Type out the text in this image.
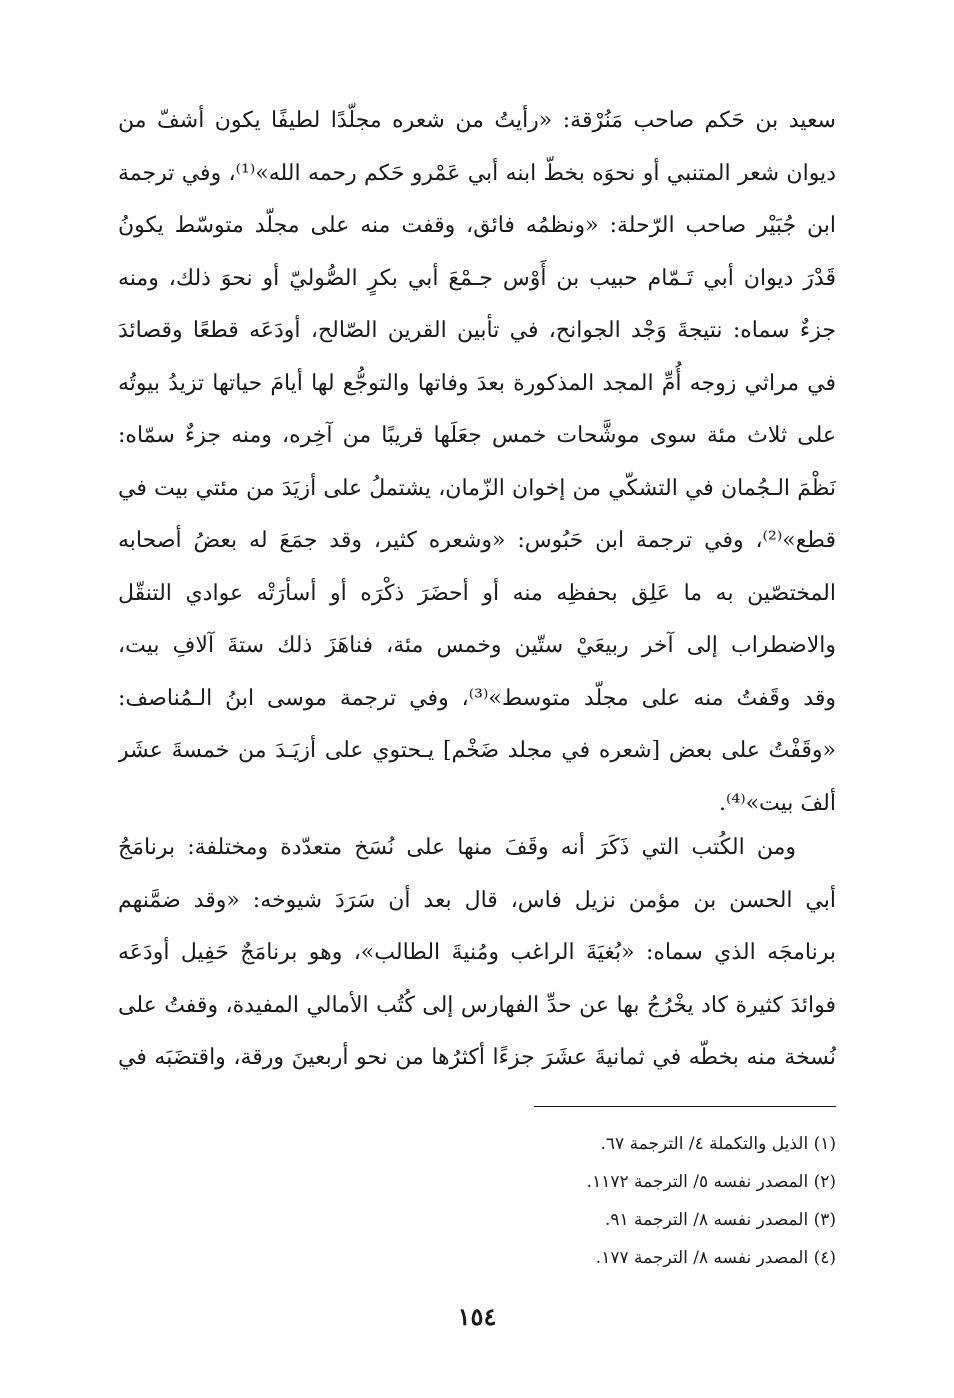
سعيد بن حَكم صاحب مَنُرْقة: «رأيتُ من شعره مجلّدًا لطيفًا يكون أشفّ من
ديوان شعر المتنبي أو نحوَه بخطّ ابنه أبي عَمْرو حَكم رحمه الله»⁽¹⁾، وفي ترجمة
ابن جُبَيْر صاحب الرّحلة: «ونظمُه فائق، وقفت منه على مجلّد متوسّط يكونُ
قَدْرَ ديوان أبي تَـمّام حبيب بن أَوْس جـمْعَ أبي بكرٍ الصُّوليّ أو نحوَ ذلك، ومنه
جزءٌ سماه: نتيجةَ وَجْد الجوانح، في تأبين القرين الصّالح، أودَعَه قطعًا وقصائدَ
في مراثي زوجه أُمِّ المجد المذكورة بعدَ وفاتها والتوجُّع لها أيامَ حياتها تزيدُ بيوتُه
على ثلاث مئة سوى موشَّحات خمس جعَلَها قريبًا من آخِره، ومنه جزءٌ سمّاه:
نَظْمَ الـجُمان في التشكّي من إخوان الزّمان، يشتملُ على أزيَدَ من مئتي بيت في
قطع»⁽²⁾، وفي ترجمة ابن حَبُوس: «وشعره كثير، وقد جمَعَ له بعضُ أصحابه
المختصّين به ما عَلِق بحفظِه منه أو أحضَرَ ذكْرَه أو أسأرَتْه عوادي التنقّل
والاضطراب إلى آخر ربيعَيْ ستّين وخمس مئة، فناهَزَ ذلك ستةَ آلافِ بيت،
وقد وقَفتُ منه على مجلّد متوسط»⁽³⁾، وفي ترجمة موسى ابنُ الـمُناصف:
«وقَفْتُ على بعض [شعره في مجلد ضَخْم] يـحتوي على أزيَـدَ من خمسةَ عشَر
ألفَ بيت»⁽⁴⁾.
ومن الكُتب التي ذَكَرَ أنه وقَفَ منها على نُسَخ متعدّدة ومختلفة: برنامَجُ
أبي الحسن بن مؤمن نزيل فاس، قال بعد أن سَرَدَ شيوخه: «وقد ضمَّنهم
برنامجَه الذي سماه: «بُغيَةَ الراغب ومُنيةَ الطالب»، وهو برنامَجٌ حَفِيل أودَعَه
فوائدَ كثيرة كاد يخْرُجُ بها عن حدِّ الفهارس إلى كُتُب الأمالي المفيدة، وقفتُ على
نُسخة منه بخطّه في ثمانيةَ عشَرَ جزءًا أكثرُها من نحو أربعينَ ورقة، واقتضَبَه في
(١) الذيل والتكملة ٤/ الترجمة ٦٧.
(٢) المصدر نفسه ٥/ الترجمة ١١٧٢.
(٣) المصدر نفسه ٨/ الترجمة ٩١.
(٤) المصدر نفسه ٨/ الترجمة ١٧٧.
١٥٤
